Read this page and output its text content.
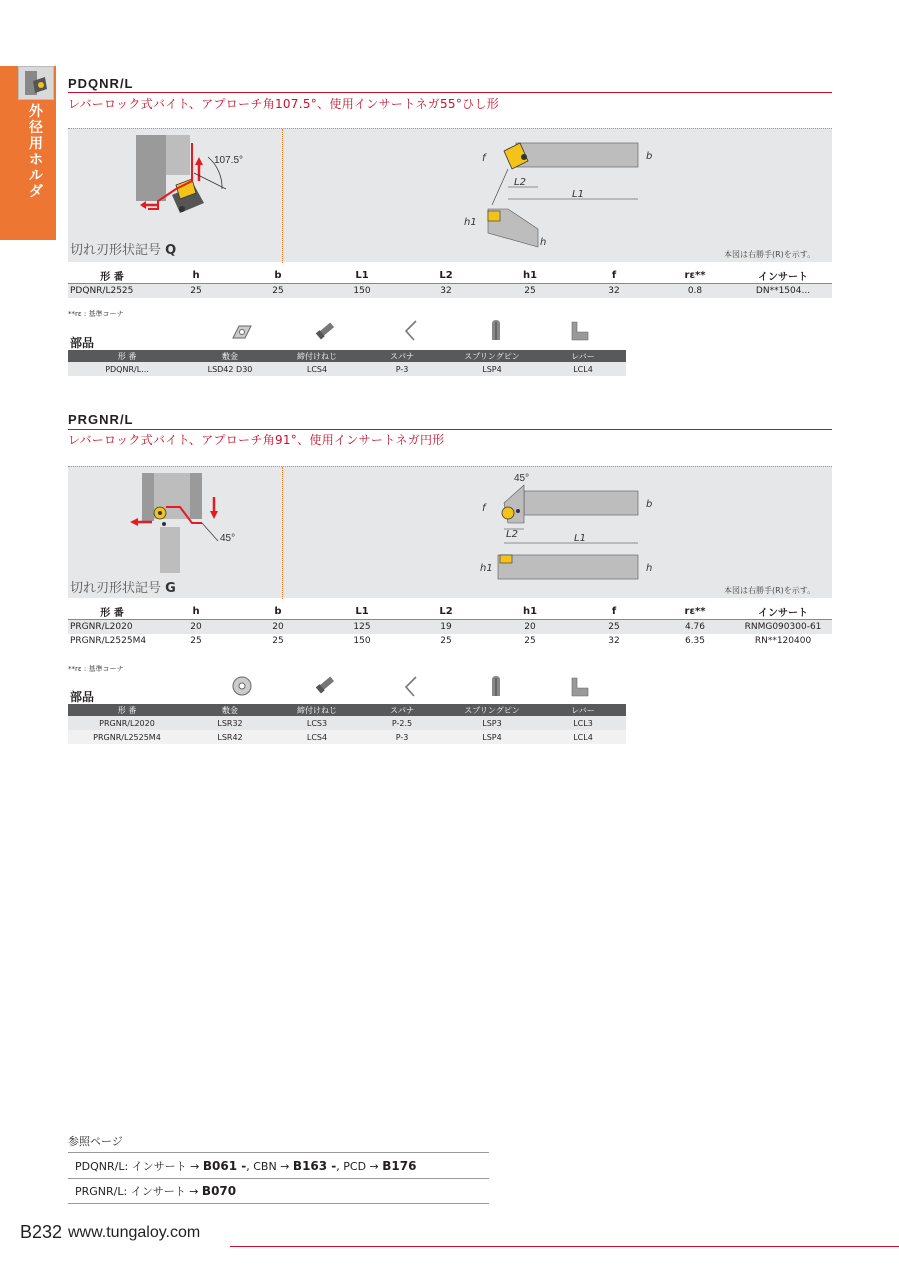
外径用ホルダ
PDQNR/L
レバーロック式バイト、アプローチ角107.5°、使用インサートネガ55°ひし形
107.5°	f	b
L2
L1
h1
h
切れ刃形状記号 Q	本図は右勝手(R)を示す。
形 番	h	b	L1	L2	h1	f	rε**	インサート
PDQNR/L2525	25	25	150	32	25	32	0.8	DN**1504...
**rε : 基準コーナ
部品
形 番	敷金	締付けねじ	スパナ	スプリングピン	レバー
PDQNR/L...	LSD42 D30	LCS4	P-3	LSP4	LCL4
PRGNR/L
レバーロック式バイト、アプローチ角91°、使用インサートネガ円形
45°
45°
f	b
L2	L1
h1	h
切れ刃形状記号 G	本図は右勝手(R)を示す。
形 番	h	b	L1	L2	h1	f	rε**	インサート
PRGNR/L2020	20	20	125	19	20	25	4.76	RNMG090300-61
PRGNR/L2525M4	25	25	150	25	25	32	6.35	RN**120400
**rε : 基準コーナ
部品
形 番	敷金	締付けねじ	スパナ	スプリングピン	レバー
PRGNR/L2020	LSR32	LCS3	P-2.5	LSP3	LCL3
PRGNR/L2525M4	LSR42	LCS4	P-3	LSP4	LCL4
参照ページ
PDQNR/L: インサート → B061 -, CBN → B163 -, PCD → B176
PRGNR/L: インサート → B070
B232 www.tungaloy.com
